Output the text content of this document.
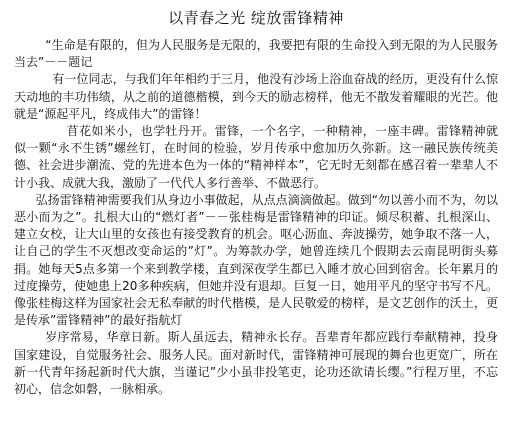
以青春之光 绽放雷锋精神

“生命是有限的，但为人民服务是无限的，我要把有限的生命投入到无限的为人民服务当去”－－题记

有一位同志，与我们年年相约于三月，他没有沙场上浴血奋战的经历，更没有什么惊天动地的丰功伟绩，从之前的道德楷模，到今天的励志榜样，他无不散发着耀眼的光芒。他就是“源起平凡，终成伟大”的雷锋！

苜花如米小，也学牡丹开。雷锋，一个名字，一种精神，一座丰碑。雷锋精神就似一颗“永不生锈”螺丝钉，在时间的检验，岁月传承中愈加历久弥新。这一融民族传统美德、社会进步潮流、党的先进本色为一体的“精神样本”，它无时无刻都在感召着一辈辈人不计小我、成就大我，激励了一代代人多行善举、不做恶行。

弘扬雷锋精神需要我们从身边小事做起，从点点滴滴做起。做到“勿以善小而不为，勿以恶小而为之”。扎根大山的“燃灯者”－－张桂梅是雷锋精神的印证。倾尽积蓄、扎根深山、建立女校，让大山里的女孩也有接受教育的机会。呕心沥血、奔波操劳，她争取不落一人，让自己的学生不灭想改变命运的”灯”。为筹款办学，她曾连续几个假期去云南昆明街头募捐。她每天5点多第一个来到教学楼，直到深夜学生都已入睡才放心回到宿舍。长年累月的过度操劳，使她患上20多种疾病，但她并没有退却。巨复一日，她用平凡的坚守书写不凡。像张桂梅这样为国家社会无私奉献的时代楷模，是人民敬爱的榜样，是文艺创作的沃土，更是传承”雷锋精神”的最好指航灯

岁序常易，华章日新。斯人虽远去，精神永长存。吾辈青年都应践行奉献精神，投身国家建设，自觉服务社会、服务人民。面对新时代，雷锋精神可展现的舞台也更宽广，所在新一代青年扬起新时代大旗，当谨记”少小虽非投笔吏，论功还欲请长缨。”行程万里，不忘初心，信念如磐，一脉相承。
